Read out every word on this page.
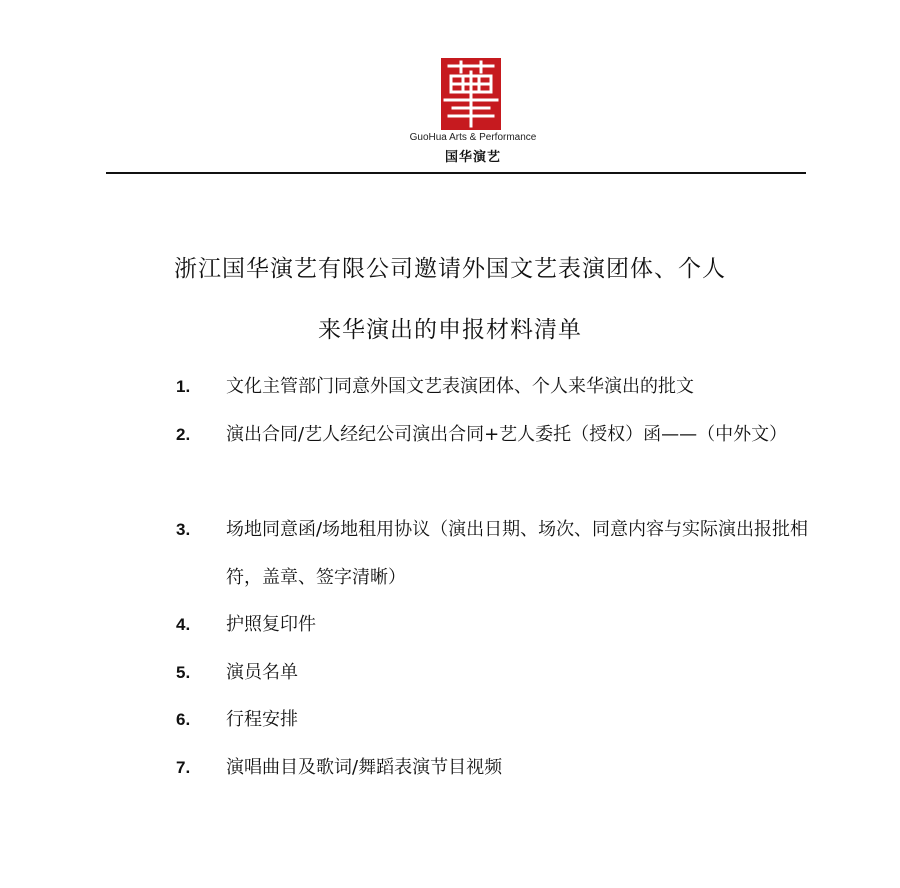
GuoHua Arts & Performance
国华演艺
浙江国华演艺有限公司邀请外国文艺表演团体、个人
来华演出的申报材料清单
1. 文化主管部门同意外国文艺表演团体、个人来华演出的批文
2. 演出合同/艺人经纪公司演出合同+艺人委托（授权）函——（中外文）
3. 场地同意函/场地租用协议（演出日期、场次、同意内容与实际演出报批相符，盖章、签字清晰）
4. 护照复印件
5. 演员名单
6. 行程安排
7. 演唱曲目及歌词/舞蹈表演节目视频
